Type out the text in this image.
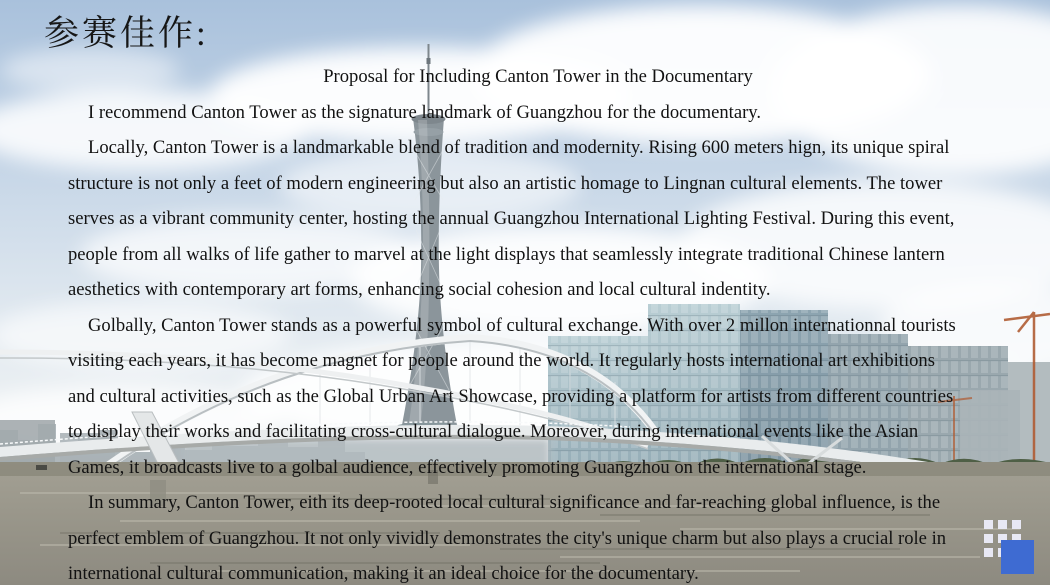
参赛佳作:
Proposal for Including Canton Tower in the Documentary
I recommend Canton Tower as the signature landmark of Guangzhou for the documentary.
Locally, Canton Tower is a landmarkable blend of tradition and modernity. Rising 600 meters hign, its unique spiral
structure is not only a feet of modern engineering but also an artistic homage to Lingnan cultural elements. The tower
serves as a vibrant community center, hosting the annual Guangzhou International Lighting Festival. During this event,
people from all walks of life gather to marvel at the light displays that seamlessly integrate traditional Chinese lantern
aesthetics with contemporary art forms, enhancing social cohesion and local cultural indentity.
Golbally, Canton Tower stands as a powerful symbol of cultural exchange. With over 2 millon internationnal tourists
visiting each years, it has become magnet for people around the world. It regularly hosts international art exhibitions
and cultural activities, such as the Global Urban Art Showcase, providing a platform for artists from different countries
to display their works and facilitating cross-cultural dialogue. Moreover, during international events like the Asian
Games, it broadcasts live to a golbal audience, effectively promoting Guangzhou on the international stage.
In summary, Canton Tower, eith its deep-rooted local cultural significance and far-reaching global influence, is the
perfect emblem of Guangzhou. It not only vividly demonstrates the city's unique charm but also plays a crucial role in
international cultural communication, making it an ideal choice for the documentary.
